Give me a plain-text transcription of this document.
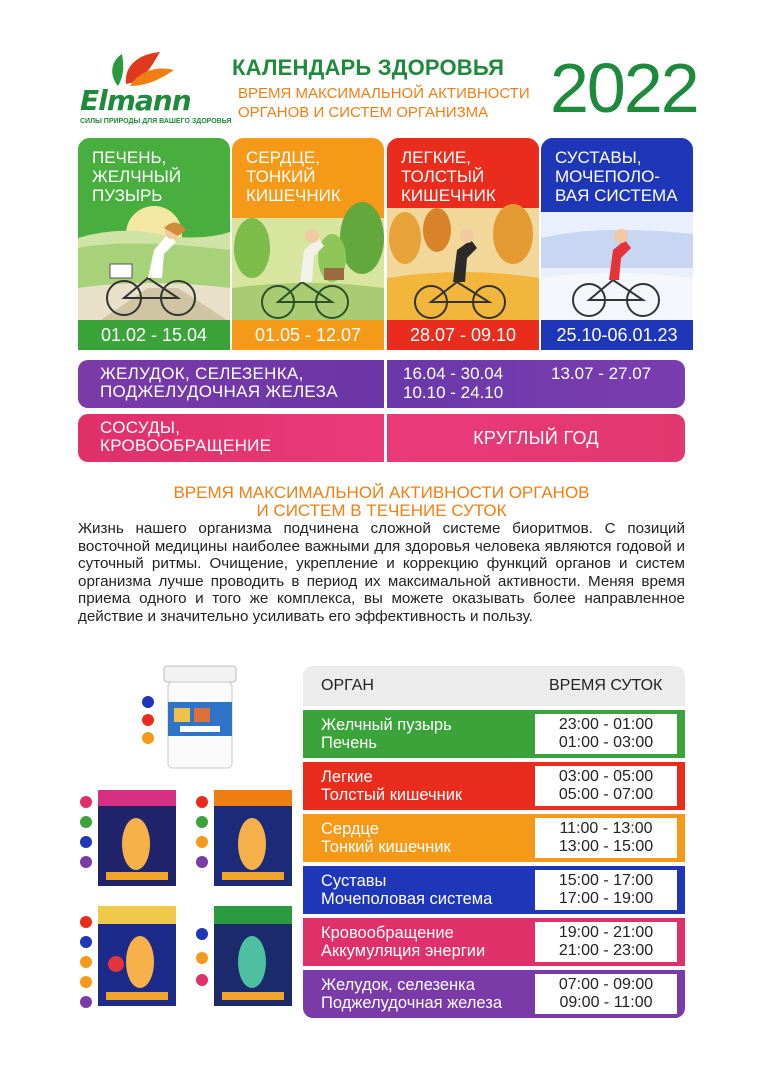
Elmann
СИЛЫ ПРИРОДЫ ДЛЯ ВАШЕГО ЗДОРОВЬЯ
КАЛЕНДАРЬ ЗДОРОВЬЯ
ВРЕМЯ МАКСИМАЛЬНОЙ АКТИВНОСТИ
ОРГАНОВ И СИСТЕМ ОРГАНИЗМА 2022
ПЕЧЕНЬ,
ЖЕЛЧНЫЙ
ПУЗЫРЬ
01.02 - 15.04
СЕРДЦЕ,
ТОНКИЙ
КИШЕЧНИК
01.05 - 12.07
ЛЕГКИЕ,
ТОЛСТЫЙ
КИШЕЧНИК
28.07 - 09.10
СУСТАВЫ,
МОЧЕПОЛО-
ВАЯ СИСТЕМА
25.10-06.01.23
ЖЕЛУДОК, СЕЛЕЗЕНКА,
ПОДЖЕЛУДОЧНАЯ ЖЕЛЕЗА
16.04 - 30.04
10.10 - 24.10
13.07 - 27.07
СОСУДЫ,
КРОВООБРАЩЕНИЕ	КРУГЛЫЙ ГОД
ВРЕМЯ МАКСИМАЛЬНОЙ АКТИВНОСТИ ОРГАНОВ
И СИСТЕМ В ТЕЧЕНИЕ СУТОК
Жизнь нашего организма подчинена сложной системе биоритмов. С позиций восточной медицины наиболее важными для здоровья человека являются годовой и суточный ритмы. Очищение, укрепление и коррекцию функций органов и систем организма лучше проводить в период их максимальной активности. Меняя время приема одного и того же комплекса, вы можете оказывать более направленное действие и значительно усиливать его эффективность и пользу.
ОРГАН	ВРЕМЯ СУТОК
Желчный пузырь
Печень
23:00 - 01:00
01:00 - 03:00
Легкие
Толстый кишечник
03:00 - 05:00
05:00 - 07:00
Сердце
Тонкий кишечник
11:00 - 13:00
13:00 - 15:00
Суставы
Мочеполовая система
15:00 - 17:00
17:00 - 19:00
Кровообращение
Аккумуляция энергии
19:00 - 21:00
21:00 - 23:00
Желудок, селезенка
Поджелудочная железа
07:00 - 09:00
09:00 - 11:00
